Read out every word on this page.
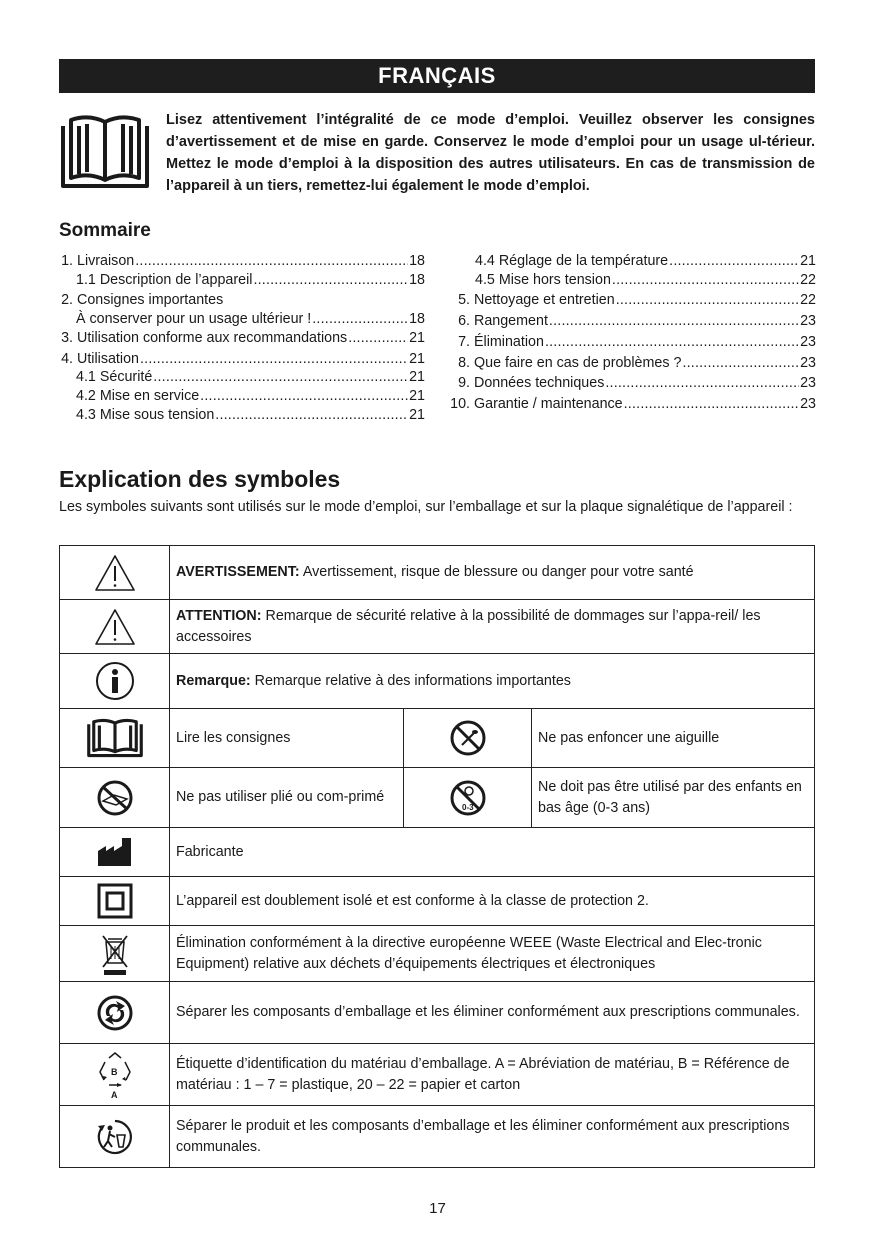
FRANÇAIS
Lisez attentivement l’intégralité de ce mode d’emploi. Veuillez observer les consignes d’avertissement et de mise en garde. Conservez le mode d’emploi pour un usage ul-térieur. Mettez le mode d’emploi à la disposition des autres utilisateurs. En cas de transmission de l’appareil à un tiers, remettez-lui également le mode d’emploi.
Sommaire
1. Livraison .....	18
1.1 Description de l’appareil .....	18
2. Consignes importantes
À conserver pour un usage ultérieur ! .....	18
3. Utilisation conforme aux recommandations .....	21
4. Utilisation .....	21
4.1 Sécurité .....	21
4.2 Mise en service .....	21
4.3 Mise sous tension .....	21
4.4 Réglage de la température .....	21
4.5 Mise hors tension .....	22
5. Nettoyage et entretien .....	22
6. Rangement .....	23
7. Élimination .....	23
8. Que faire en cas de problèmes ? .....	23
9. Données techniques .....	23
10. Garantie / maintenance .....	23
Explication des symboles
Les symboles suivants sont utilisés sur le mode d’emploi, sur l’emballage et sur la plaque signalétique de l’appareil :
	AVERTISSEMENT: Avertissement, risque de blessure ou danger pour votre santé		

	ATTENTION: Remarque de sécurité relative à la possibilité de dommages sur l’appa-reil/ les accessoires		

	Remarque: Remarque relative à des informations importantes		

	Lire les consignes		Ne pas enfoncer une aiguille

	Ne pas utiliser plié ou com-primé	0-3	Ne doit pas être utilisé par des enfants en bas âge (0-3 ans)

	Fabricante		

	L’appareil est doublement isolé et est conforme à la classe de protection 2.		

	Élimination conformément à la directive européenne WEEE (Waste Electrical and Elec-tronic Equipment) relative aux déchets d’équipements électriques et électroniques		

	Séparer les composants d’emballage et les éliminer conformément aux prescriptions communales.		

B
A	Étiquette d’identification du matériau d’emballage. A = Abréviation de matériau, B = Référence de matériau : 1 – 7 = plastique, 20 – 22 = papier et carton		

	Séparer le produit et les composants d’emballage et les éliminer conformément aux prescriptions communales.		
17
